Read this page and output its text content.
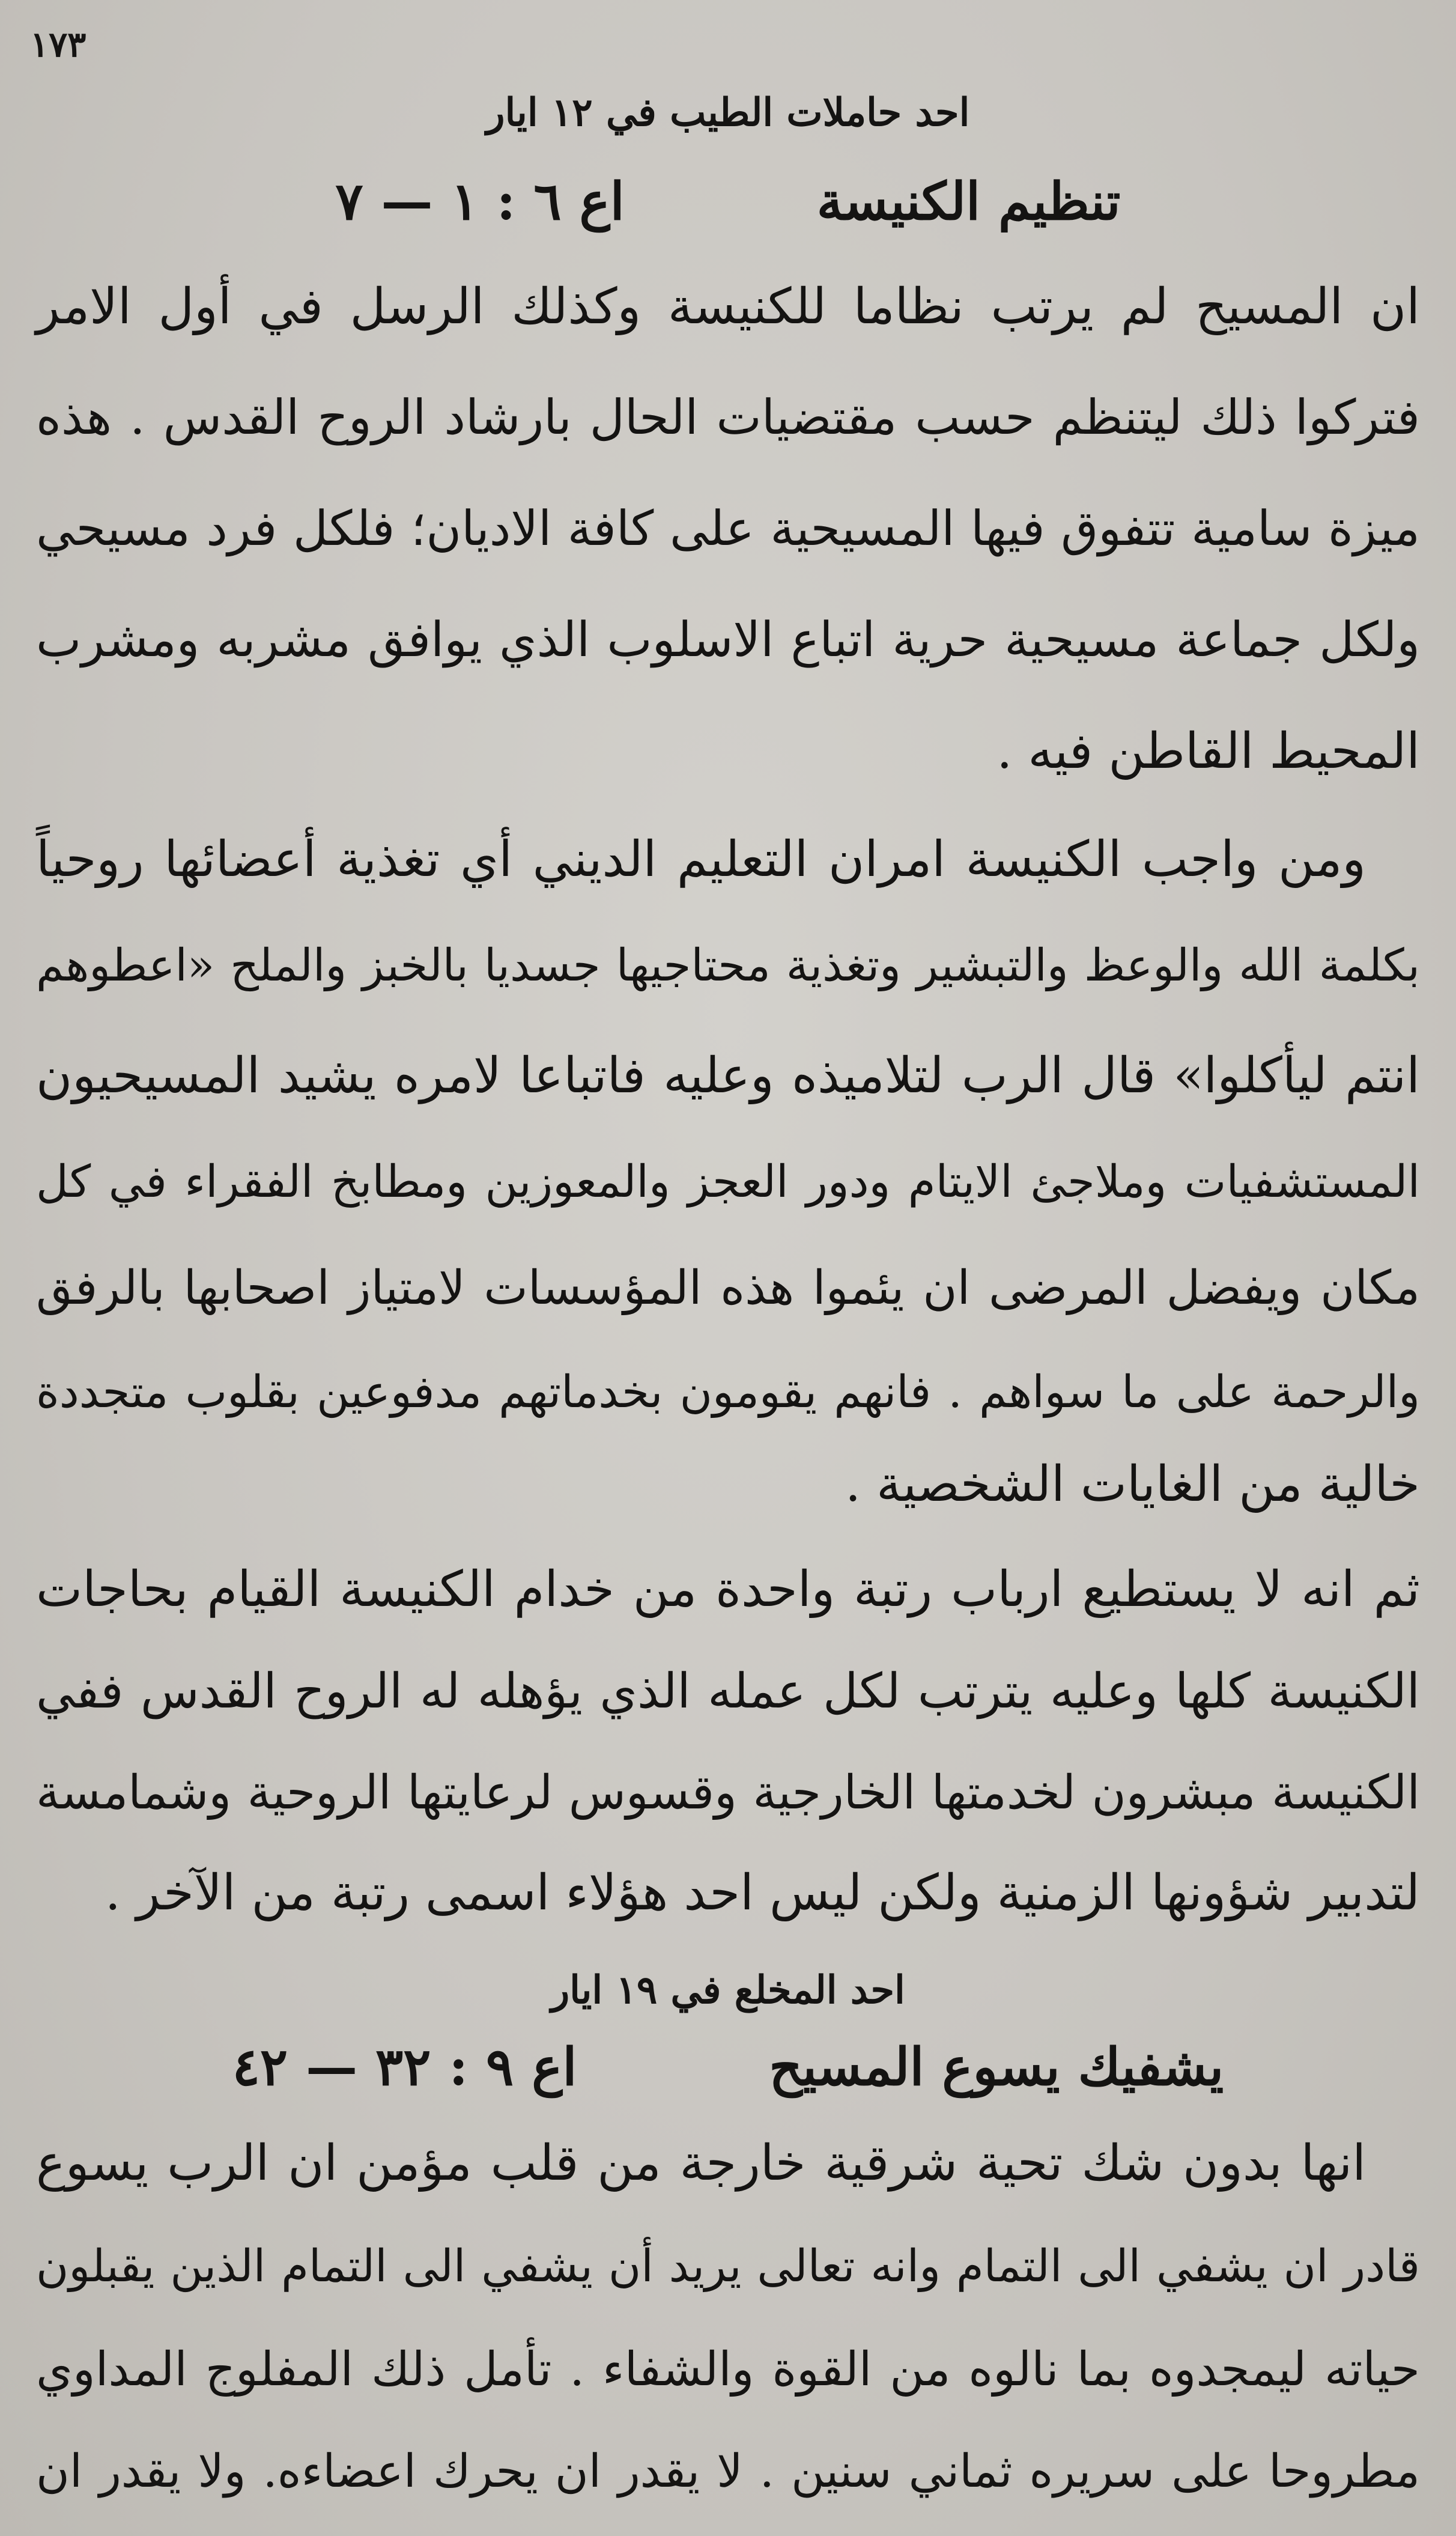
١٧٣
احد حاملات الطيب في ١٢ ايار
تنظيم الكنيسة
اع ٦ : ١ — ٧
ان المسيح لم يرتب نظاما للكنيسة وكذلك الرسل في أول الامر
فتركوا ذلك ليتنظم حسب مقتضيات الحال بارشاد الروح القدس . هذه
ميزة سامية تتفوق فيها المسيحية على كافة الاديان؛ فلكل فرد مسيحي
ولكل جماعة مسيحية حرية اتباع الاسلوب الذي يوافق مشربه ومشرب
المحيط القاطن فيه .
ومن واجب الكنيسة امران التعليم الديني أي تغذية أعضائها روحياً
بكلمة الله والوعظ والتبشير وتغذية محتاجيها جسديا بالخبز والملح «اعطوهم
انتم ليأكلوا» قال الرب لتلاميذه وعليه فاتباعا لامره يشيد المسيحيون
المستشفيات وملاجئ الايتام ودور العجز والمعوزين ومطابخ الفقراء في كل
مكان ويفضل المرضى ان يئموا هذه المؤسسات لامتياز اصحابها بالرفق
والرحمة على ما سواهم . فانهم يقومون بخدماتهم مدفوعين بقلوب متجددة
خالية من الغايات الشخصية .
ثم انه لا يستطيع ارباب رتبة واحدة من خدام الكنيسة القيام بحاجات
الكنيسة كلها وعليه يترتب لكل عمله الذي يؤهله له الروح القدس ففي
الكنيسة مبشرون لخدمتها الخارجية وقسوس لرعايتها الروحية وشمامسة
لتدبير شؤونها الزمنية ولكن ليس احد هؤلاء اسمى رتبة من الآخر .
احد المخلع في ١٩ ايار
يشفيك يسوع المسيح
اع ٩ : ٣٢ — ٤٢
انها بدون شك تحية شرقية خارجة من قلب مؤمن ان الرب يسوع
قادر ان يشفي الى التمام وانه تعالى يريد أن يشفي الى التمام الذين يقبلون
حياته ليمجدوه بما نالوه من القوة والشفاء . تأمل ذلك المفلوج المداوي
مطروحا على سريره ثماني سنين . لا يقدر ان يحرك اعضاءه. ولا يقدر ان
